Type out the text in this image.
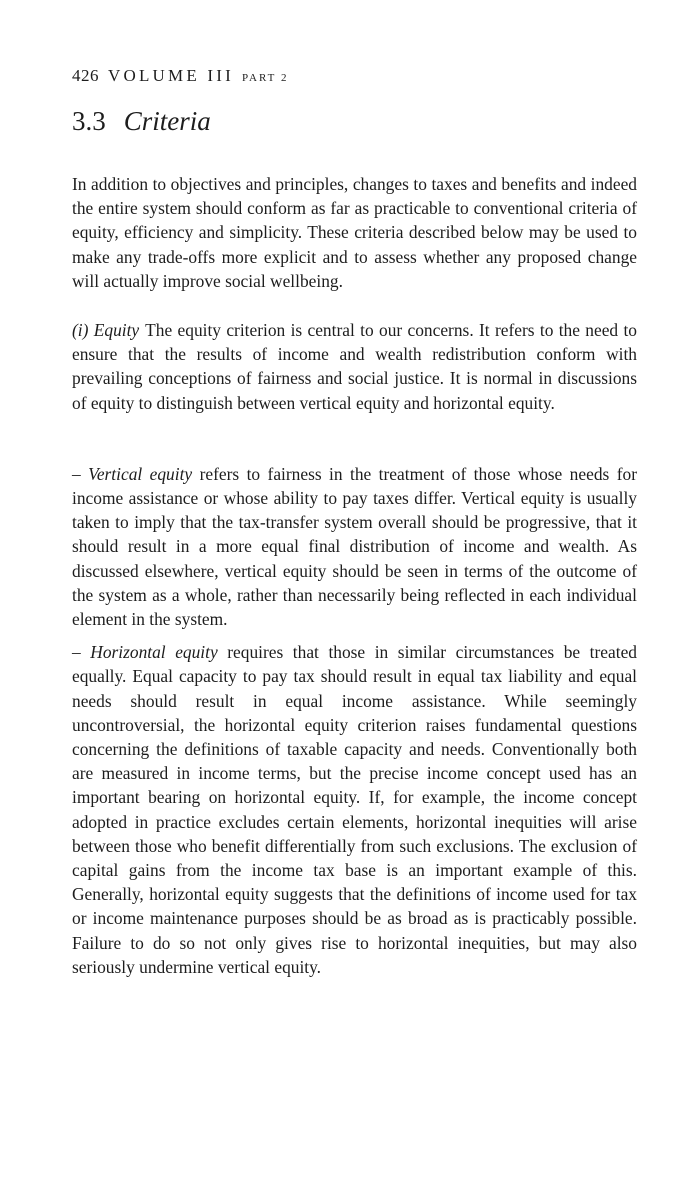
426 VOLUME III PART 2
3.3 Criteria

In addition to objectives and principles, changes to taxes and benefits and indeed the entire system should conform as far as practicable to conventional criteria of equity, efficiency and simplicity. These criteria described below may be used to make any trade-offs more explicit and to assess whether any proposed change will actually improve social wellbeing.

(i) Equity The equity criterion is central to our concerns. It refers to the need to ensure that the results of income and wealth redistribution conform with prevailing conceptions of fairness and social justice. It is normal in discussions of equity to distinguish between vertical equity and horizontal equity.

– Vertical equity refers to fairness in the treatment of those whose needs for income assistance or whose ability to pay taxes differ. Vertical equity is usually taken to imply that the tax-transfer system overall should be progressive, that it should result in a more equal final distribution of income and wealth. As discussed elsewhere, vertical equity should be seen in terms of the outcome of the system as a whole, rather than necessarily being reflected in each individual element in the system.

– Horizontal equity requires that those in similar circumstances be treated equally. Equal capacity to pay tax should result in equal tax liability and equal needs should result in equal income assistance. While seemingly uncontroversial, the horizontal equity criterion raises fundamental questions concerning the definitions of taxable capacity and needs. Conventionally both are measured in income terms, but the precise income concept used has an important bearing on horizontal equity. If, for example, the income concept adopted in practice excludes certain elements, horizontal inequities will arise between those who benefit differentially from such exclusions. The exclusion of capital gains from the income tax base is an important example of this. Generally, horizontal equity suggests that the definitions of income used for tax or income maintenance purposes should be as broad as is practicably possible. Failure to do so not only gives rise to horizontal inequities, but may also seriously undermine vertical equity.
